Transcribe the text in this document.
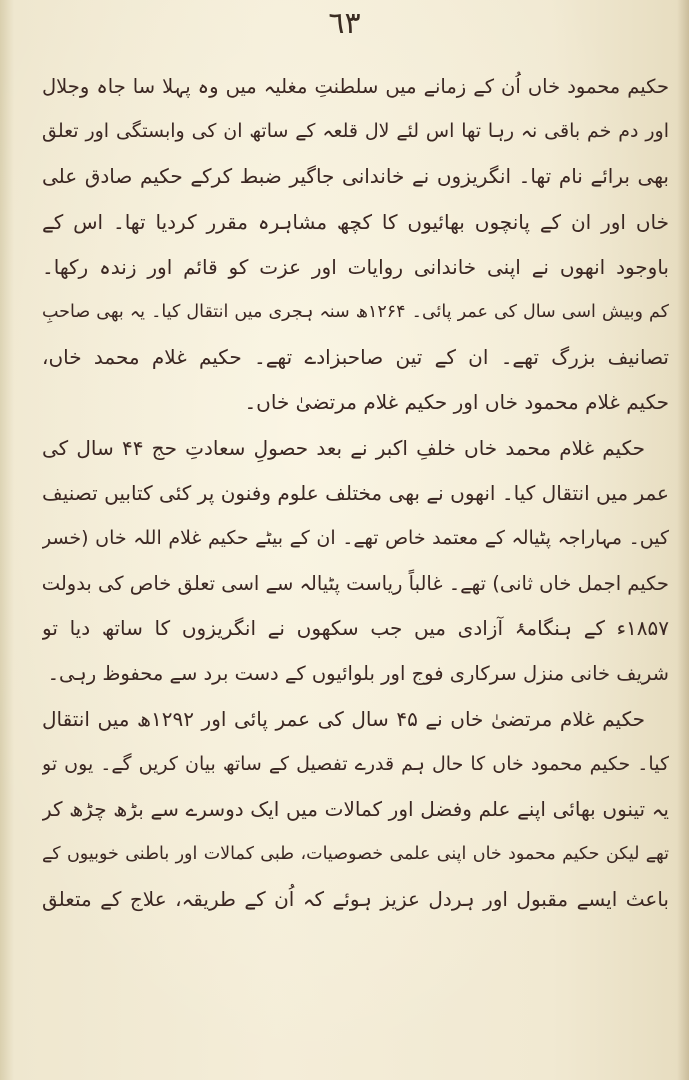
٦٣
حکیم محمود خاں اُن کے زمانے میں سلطنتِ مغلیہ میں وہ پہلا سا جاہ وجلال
اور دم خم باقی نہ رہا تھا اس لئے لال قلعہ کے ساتھ ان کی وابستگی اور تعلق
بھی برائے نام تھا۔ انگریزوں نے خاندانی جاگیر ضبط کرکے حکیم صادق علی
خاں اور ان کے پانچوں بھائیوں کا کچھ مشاہرہ مقرر کردیا تھا۔ اس کے
باوجود انھوں نے اپنی خاندانی روایات اور عزت کو قائم اور زندہ رکھا۔
کم وبیش اسی سال کی عمر پائی۔ ۱۲۶۴ھ سنہ ہجری میں انتقال کیا۔ یہ بھی صاحبِ
تصانیف بزرگ تھے۔ ان کے تین صاحبزادے تھے۔ حکیم غلام محمد خاں،
حکیم غلام محمود خاں اور حکیم غلام مرتضیٰ خاں۔
حکیم غلام محمد خاں خلفِ اکبر نے بعد حصولِ سعادتِ حج ۴۴ سال کی
عمر میں انتقال کیا۔ انھوں نے بھی مختلف علوم وفنون پر کئی کتابیں تصنیف
کیں۔ مہاراجہ پٹیالہ کے معتمد خاص تھے۔ ان کے بیٹے حکیم غلام اللہ خاں (خسر
حکیم اجمل خاں ثانی) تھے۔ غالباً ریاست پٹیالہ سے اسی تعلق خاص کی بدولت
۱۸۵۷ء کے ہنگامۂ آزادی میں جب سکھوں نے انگریزوں کا ساتھ دیا تو
شریف خانی منزل سرکاری فوج اور بلوائیوں کے دست برد سے محفوظ رہی۔
حکیم غلام مرتضیٰ خاں نے ۴۵ سال کی عمر پائی اور ۱۲۹۲ھ میں انتقال
کیا۔ حکیم محمود خاں کا حال ہم قدرے تفصیل کے ساتھ بیان کریں گے۔ یوں تو
یہ تینوں بھائی اپنے علم وفضل اور کمالات میں ایک دوسرے سے بڑھ چڑھ کر
تھے لیکن حکیم محمود خاں اپنی علمی خصوصیات، طبی کمالات اور باطنی خوبیوں کے
باعث ایسے مقبول اور ہردل عزیز ہوئے کہ اُن کے طریقہ، علاج کے متعلق
